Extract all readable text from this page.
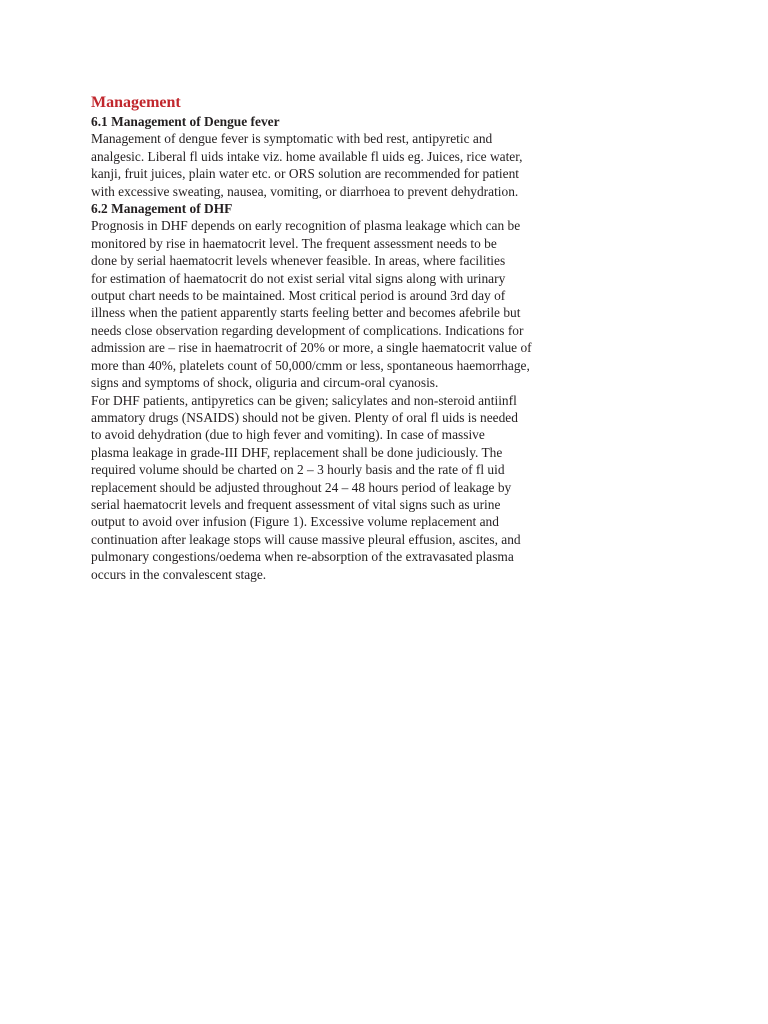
Management
6.1 Management of Dengue fever

Management of dengue fever is symptomatic with bed rest, antipyretic and

analgesic. Liberal fl uids intake viz. home available fl uids eg. Juices, rice water,

kanji, fruit juices, plain water etc. or ORS solution are recommended for patient

with excessive sweating, nausea, vomiting, or diarrhoea to prevent dehydration.

6.2 Management of DHF

Prognosis in DHF depends on early recognition of plasma leakage which can be

monitored by rise in haematocrit level. The frequent assessment needs to be

done by serial haematocrit levels whenever feasible. In areas, where facilities

for estimation of haematocrit do not exist serial vital signs along with urinary

output chart needs to be maintained. Most critical period is around 3rd day of

illness when the patient apparently starts feeling better and becomes afebrile but

needs close observation regarding development of complications. Indications for

admission are – rise in haematrocrit of 20% or more, a single haematocrit value of

more than 40%, platelets count of 50,000/cmm or less, spontaneous haemorrhage,

signs and symptoms of shock, oliguria and circum-oral cyanosis.

For DHF patients, antipyretics can be given; salicylates and non-steroid antiinfl

ammatory drugs (NSAIDS) should not be given. Plenty of oral fl uids is needed

to avoid dehydration (due to high fever and vomiting). In case of massive

plasma leakage in grade-III DHF, replacement shall be done judiciously. The

required volume should be charted on 2 – 3 hourly basis and the rate of fl uid

replacement should be adjusted throughout 24 – 48 hours period of leakage by

serial haematocrit levels and frequent assessment of vital signs such as urine

output to avoid over infusion (Figure 1). Excessive volume replacement and

continuation after leakage stops will cause massive pleural effusion, ascites, and

pulmonary congestions/oedema when re-absorption of the extravasated plasma

occurs in the convalescent stage.
